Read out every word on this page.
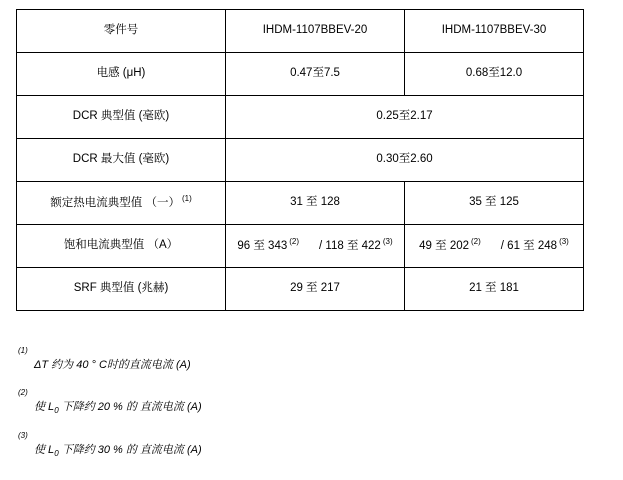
零件号	IHDM-1107BBEV-20	IHDM-1107BBEV-30
电感 (μH)	0.47至7.5	0.68至12.0
DCR 典型值 (毫欧)	0.25至2.17	
DCR 最大值 (毫欧)	0.30至2.60	
额定热电流典型值 （一） (1)	31 至 128	35 至 125
饱和电流典型值 （A）	96 至 343 (2) / 118 至 422 (3)	49 至 202 (2) / 61 至 248 (3)
SRF 典型值 (兆赫)	29 至 217	21 至 181
(1)
ΔT 约为 40 ° C时的直流电流 (A)
(2)
使 $L_0$ 下降约 20 % 的 直流电流 (A)
(3)
使 $L_0$ 下降约 30 % 的 直流电流 (A)
